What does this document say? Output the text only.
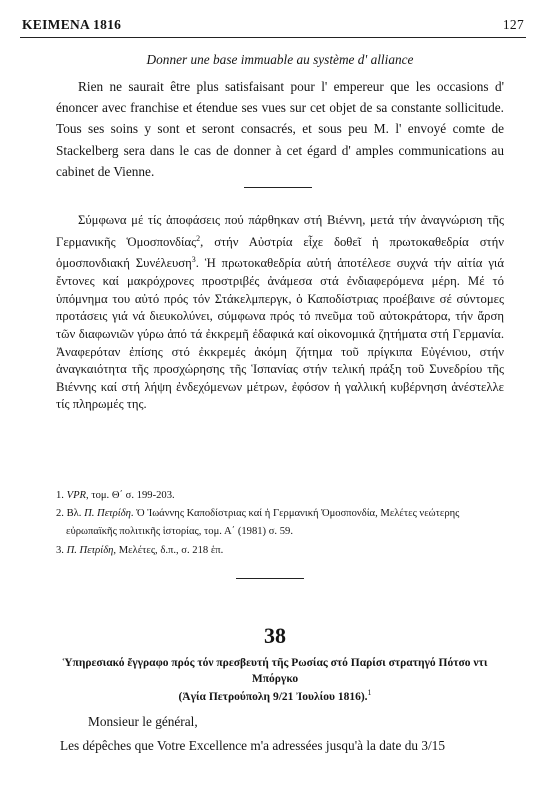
ΚΕΙΜΕΝΑ 1816	127
Donner une base immuable au système d' alliance

Rien ne saurait être plus satisfaisant pour l' empereur que les occasions d' énoncer avec franchise et étendue ses vues sur cet objet de sa constante sollicitude. Tous ses soins y sont et seront consacrés, et sous peu M. l' envoyé comte de Stackelberg sera dans le cas de donner à cet égard d' amples communications au cabinet de Vienne.

Σύμφωνα μέ τίς ἀποφάσεις πού πάρθηκαν στή Βιέννη, μετά τήν ἀναγνώριση τῆς Γερμανικῆς Ὁμοσπονδίας$^2$, στήν Αὐστρία εἶχε δοθεῖ ἡ πρωτοκαθεδρία στήν ὁμοσπονδιακή Συνέλευση$^3$. Ἡ πρωτοκαθεδρία αὐτή ἀποτέλεσε συχνά τήν αἰτία γιά ἔντονες καί μακρόχρονες προστριβές ἀνάμεσα στά ἐνδιαφερόμενα μέρη. Μέ τό ὑπόμνημα του αὐτό πρός τόν Στάκελμπεργκ, ὁ Καποδίστριας προέβαινε σέ σύντομες προτάσεις γιά νά διευκολύνει, σύμφωνα πρός τό πνεῦμα τοῦ αὐτοκράτορα, τήν ἄρση τῶν διαφωνιῶν γύρω ἀπό τά ἐκκρεμῆ ἐδαφικά καί οἰκονομικά ζητήματα στή Γερμανία. Ἀναφερόταν ἐπίσης στό ἐκκρεμές ἀκόμη ζήτημα τοῦ πρίγκιπα Εὐγένιου, στήν ἀναγκαιότητα τῆς προσχώρησης τῆς Ἱσπανίας στήν τελική πράξη τοῦ Συνεδρίου τῆς Βιέννης καί στή λήψη ἐνδεχόμενων μέτρων, ἐφόσον ἡ γαλλική κυβέρνηση ἀνέστελλε τίς πληρωμές της.

1. VPR, τομ. Θ΄ σ. 199-203.

2. Βλ. Π. Πετρίδη. Ὁ Ἰωάννης Καποδίστριας καί ἡ Γερμανική Ὁμοσπονδία, Μελέτες νεώτερης εὐρωπαϊκῆς πολιτικῆς ἱστορίας, τομ. Α΄ (1981) σ. 59.

3. Π. Πετρίδη, Μελέτες, δ.π., σ. 218 ἑπ.

38
Ὑπηρεσιακό ἔγγραφο πρός τόν πρεσβευτή τῆς Ρωσίας στό Παρίσι στρατηγό Πότσο ντι Μπόργκο
(Ἁγία Πετρούπολη 9/21 Ἰουλίου 1816).$^1$
Monsieur le général,
Les dépêches que Votre Excellence m'a adressées jusqu'à la date du 3/15
